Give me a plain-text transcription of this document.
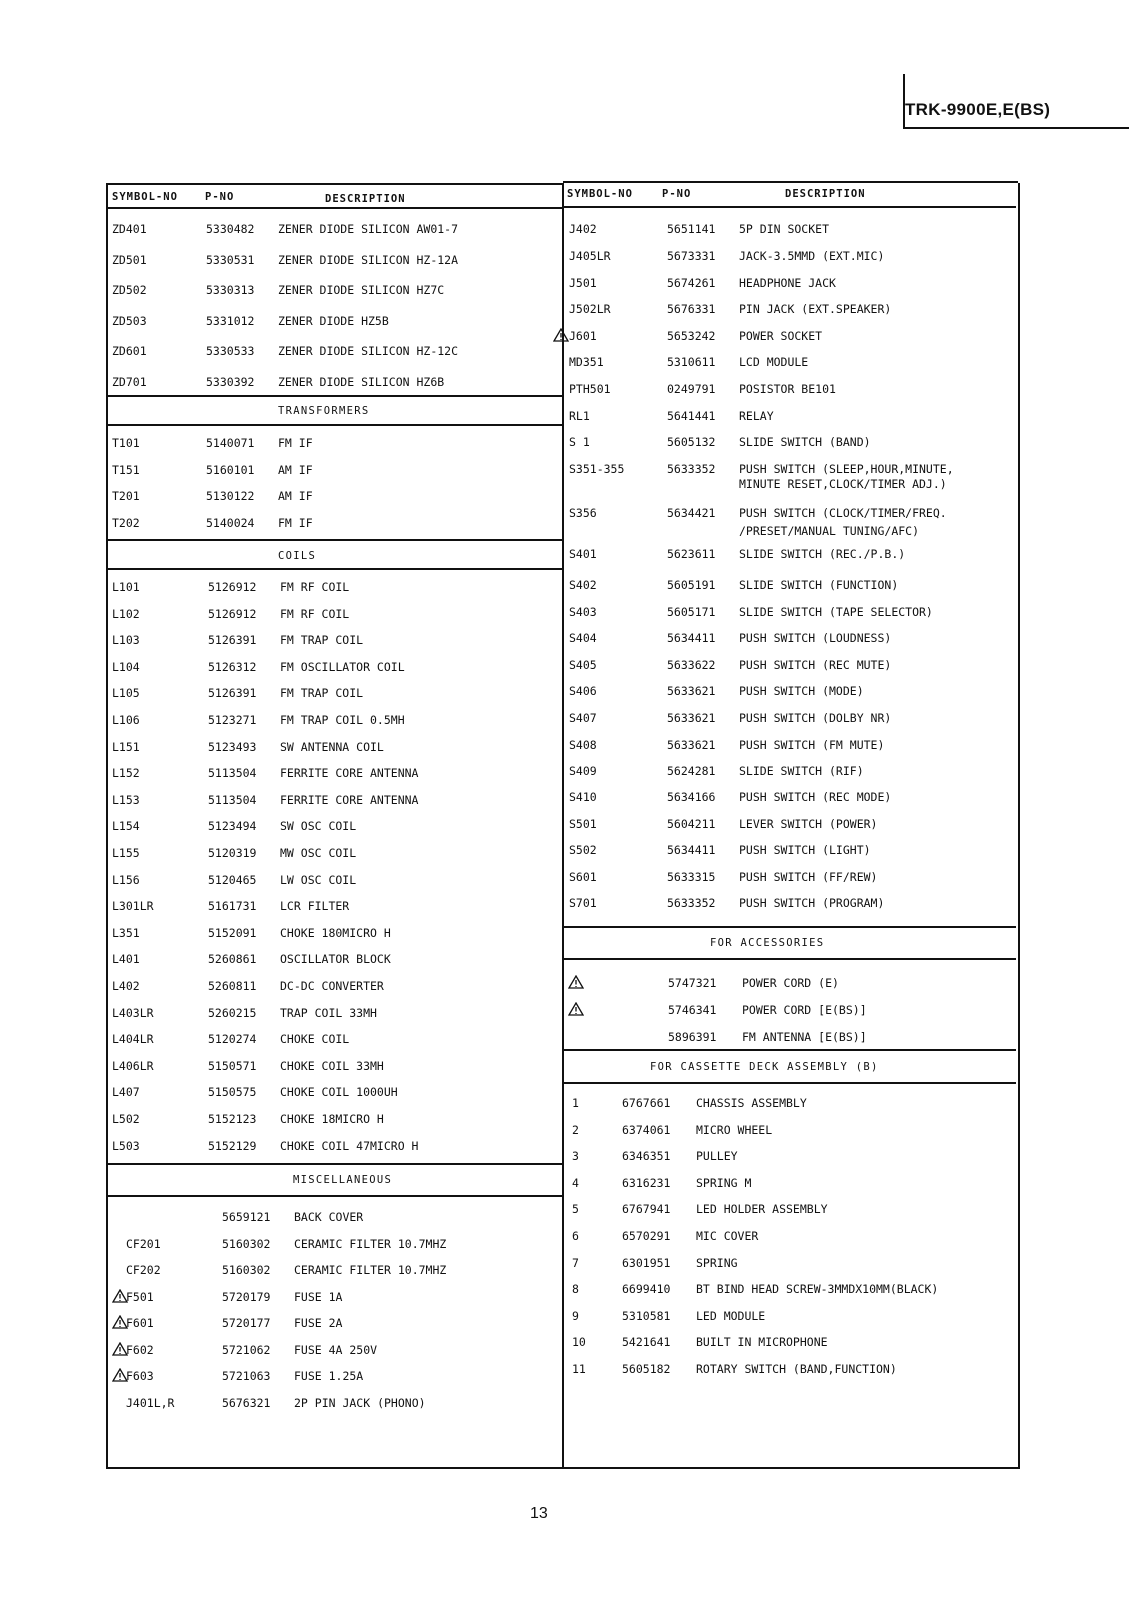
TRK-9900E,E(BS)
SYMBOL-NO	P-NO	DESCRIPTION
ZD401	5330482 ZENER DIODE SILICON AW01-7
ZD501	5330531 ZENER DIODE SILICON HZ-12A
ZD502	5330313 ZENER DIODE SILICON HZ7C
ZD503	5331012 ZENER DIODE HZ5B
ZD601	5330533 ZENER DIODE SILICON HZ-12C
ZD701	5330392 ZENER DIODE SILICON HZ6B
TRANSFORMERS
T101	5140071 FM IF
T151	5160101 AM IF
T201	5130122 AM IF
T202	5140024 FM IF
COILS
L101	5126912 FM RF COIL
L102	5126912 FM RF COIL
L103	5126391 FM TRAP COIL
L104	5126312 FM OSCILLATOR COIL
L105	5126391 FM TRAP COIL
L106	5123271 FM TRAP COIL 0.5MH
L151	5123493 SW ANTENNA COIL
L152	5113504 FERRITE CORE ANTENNA
L153	5113504 FERRITE CORE ANTENNA
L154	5123494 SW OSC COIL
L155	5120319 MW OSC COIL
L156	5120465 LW OSC COIL
L301LR	5161731 LCR FILTER
L351	5152091 CHOKE 180MICRO H
L401	5260861 OSCILLATOR BLOCK
L402	5260811 DC-DC CONVERTER
L403LR	5260215 TRAP COIL 33MH
L404LR	5120274 CHOKE COIL
L406LR	5150571 CHOKE COIL 33MH
L407	5150575 CHOKE COIL 1000UH
L502	5152123 CHOKE 18MICRO H
L503	5152129 CHOKE COIL 47MICRO H
MISCELLANEOUS
5659121 BACK COVER
CF201	5160302 CERAMIC FILTER 10.7MHZ
CF202	5160302 CERAMIC FILTER 10.7MHZ
F501	5720179 FUSE 1A
F601	5720177 FUSE 2A
F602	5721062 FUSE 4A 250V
F603	5721063 FUSE 1.25A
J401L,R	5676321 2P PIN JACK (PHONO)
SYMBOL-NO	P-NO	DESCRIPTION
J402	5651141 5P DIN SOCKET
J405LR	5673331 JACK-3.5MMD (EXT.MIC)
J501	5674261 HEADPHONE JACK
J502LR	5676331 PIN JACK (EXT.SPEAKER)
J601	5653242 POWER SOCKET
MD351	5310611 LCD MODULE
PTH501	0249791 POSISTOR BE101
RL1	5641441 RELAY
S 1	5605132 SLIDE SWITCH (BAND)
S351-355	5633352 PUSH SWITCH (SLEEP,HOUR,MINUTE,
MINUTE RESET,CLOCK/TIMER ADJ.)
S356	5634421 PUSH SWITCH (CLOCK/TIMER/FREQ.
/PRESET/MANUAL TUNING/AFC)
S401	5623611 SLIDE SWITCH (REC./P.B.)
S402	5605191 SLIDE SWITCH (FUNCTION)
S403	5605171 SLIDE SWITCH (TAPE SELECTOR)
S404	5634411 PUSH SWITCH (LOUDNESS)
S405	5633622 PUSH SWITCH (REC MUTE)
S406	5633621 PUSH SWITCH (MODE)
S407	5633621 PUSH SWITCH (DOLBY NR)
S408	5633621 PUSH SWITCH (FM MUTE)
S409	5624281 SLIDE SWITCH (RIF)
S410	5634166 PUSH SWITCH (REC MODE)
S501	5604211 LEVER SWITCH (POWER)
S502	5634411 PUSH SWITCH (LIGHT)
S601	5633315 PUSH SWITCH (FF/REW)
S701	5633352 PUSH SWITCH (PROGRAM)
FOR ACCESSORIES
5747321 POWER CORD (E)
5746341 POWER CORD [E(BS)]
5896391 FM ANTENNA [E(BS)]
FOR CASSETTE DECK ASSEMBLY (B)
1	6767661 CHASSIS ASSEMBLY
2	6374061 MICRO WHEEL
3	6346351 PULLEY
4	6316231 SPRING M
5	6767941 LED HOLDER ASSEMBLY
6	6570291 MIC COVER
7	6301951 SPRING
8	6699410 BT BIND HEAD SCREW-3MMDX10MM(BLACK)
9	5310581 LED MODULE
10	5421641 BUILT IN MICROPHONE
11	5605182 ROTARY SWITCH (BAND,FUNCTION)
13
